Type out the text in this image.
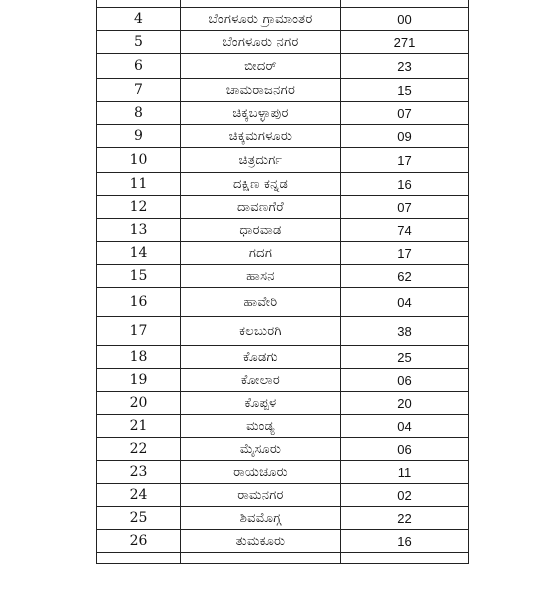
4	ಬೆಂಗಳೂರು ಗ್ರಾಮಾಂತರ	00
5	ಬೆಂಗಳೂರು ನಗರ	271
6	ಬೀದರ್	23
7	ಚಾಮರಾಜನಗರ	15
8	ಚಿಕ್ಕಬಳ್ಳಾಪುರ	07
9	ಚಿಕ್ಕಮಗಳೂರು	09
10	ಚಿತ್ರದುರ್ಗ	17
11	ದಕ್ಷಿಣ ಕನ್ನಡ	16
12	ದಾವಣಗೆರೆ	07
13	ಧಾರವಾಡ	74
14	ಗದಗ	17
15	ಹಾಸನ	62
16	ಹಾವೇರಿ	04
17	ಕಲಬುರಗಿ	38
18	ಕೊಡಗು	25
19	ಕೋಲಾರ	06
20	ಕೊಪ್ಪಳ	20
21	ಮಂಡ್ಯ	04
22	ಮೈಸೂರು	06
23	ರಾಯಚೂರು	11
24	ರಾಮನಗರ	02
25	ಶಿವಮೊಗ್ಗ	22
26	ತುಮಕೂರು	16
